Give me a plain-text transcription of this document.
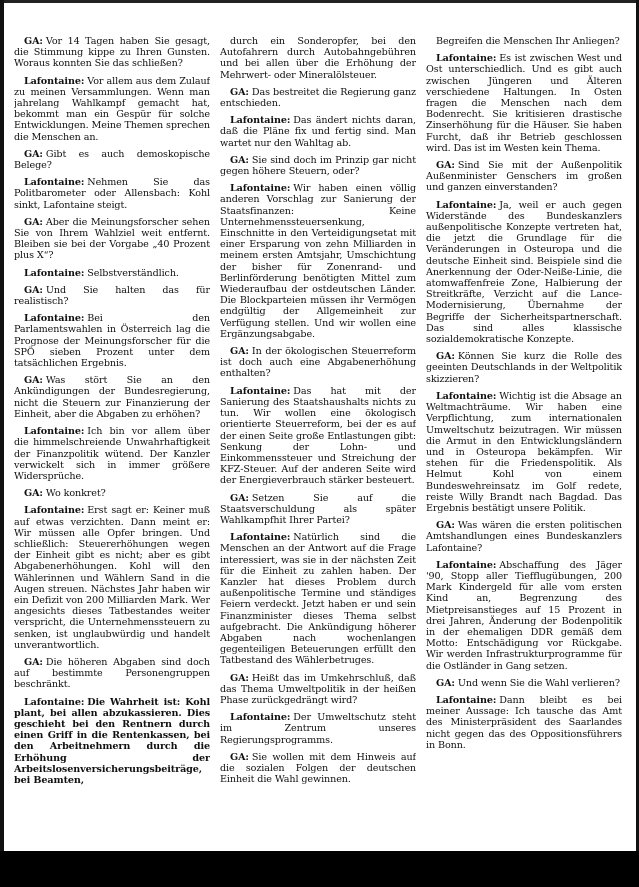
GA: Vor 14 Tagen haben Sie gesagt, die Stimmung kippe zu Ihren Gunsten. Woraus konnten Sie das schließen?

Lafontaine: Vor allem aus dem Zulauf zu meinen Versammlungen. Wenn man jahrelang Wahlkampf gemacht hat, bekommt man ein Gespür für solche Entwicklungen. Meine Themen sprechen die Menschen an.

GA: Gibt es auch demoskopische Belege?

Lafontaine: Nehmen Sie das Politbarometer oder Allensbach: Kohl sinkt, Lafontaine steigt.

GA: Aber die Meinungsforscher sehen Sie von Ihrem Wahlziel weit entfernt. Bleiben sie bei der Vorgabe „40 Prozent plus X“?

Lafontaine: Selbstverständlich.

GA: Und Sie halten das für realistisch?

Lafontaine: Bei den Parlamentswahlen in Österreich lag die Prognose der Meinungsforscher für die SPÖ sieben Prozent unter dem tatsächlichen Ergebnis.

GA: Was stört Sie an den Ankündigungen der Bundesregierung, nicht die Steuern zur Finanzierung der Einheit, aber die Abgaben zu erhöhen?

Lafontaine: Ich bin vor allem über die himmelschreiende Unwahrhaftigkeit der Finanzpolitik wütend. Der Kanzler verwickelt sich in immer größere Widersprüche.

GA: Wo konkret?

Lafontaine: Erst sagt er: Keiner muß auf etwas verzichten. Dann meint er: Wir müssen alle Opfer bringen. Und schließlich: Steuererhöhungen wegen der Einheit gibt es nicht; aber es gibt Abgabenerhöhungen. Kohl will den Wählerinnen und Wählern Sand in die Augen streuen. Nächstes Jahr haben wir ein Defizit von 200 Milliarden Mark. Wer angesichts dieses Tatbestandes weiter verspricht, die Unternehmenssteuern zu senken, ist unglaubwürdig und handelt unverantwortlich.

GA: Die höheren Abgaben sind doch auf bestimmte Personengruppen beschränkt.

Lafontaine: Die Wahrheit ist: Kohl plant, bei allen abzukassieren. Dies geschieht bei den Rentnern durch einen Griff in die Rentenkassen, bei den Arbeitnehmern durch die Erhöhung der Arbeitslosenversicherungsbeiträge, bei Beamten,

durch ein Sonderopfer, bei den Autofahrern durch Autobahngebühren und bei allen über die Erhöhung der Mehrwert- oder Mineralölsteuer.

GA: Das bestreitet die Regierung ganz entschieden.

Lafontaine: Das ändert nichts daran, daß die Pläne fix und fertig sind. Man wartet nur den Wahltag ab.

GA: Sie sind doch im Prinzip gar nicht gegen höhere Steuern, oder?

Lafontaine: Wir haben einen völlig anderen Vorschlag zur Sanierung der Staatsfinanzen: Keine Unternehmenssteuersenkung, Einschnitte in den Verteidigungsetat mit einer Ersparung von zehn Milliarden in meinem ersten Amtsjahr, Umschichtung der bisher für Zonenrand- und Berlinförderung benötigten Mittel zum Wiederaufbau der ostdeutschen Länder. Die Blockparteien müssen ihr Vermögen endgültig der Allgemeinheit zur Verfügung stellen. Und wir wollen eine Ergänzungsabgabe.

GA: In der ökologischen Steuerreform ist doch auch eine Abgabenerhöhung enthalten?

Lafontaine: Das hat mit der Sanierung des Staatshaushalts nichts zu tun. Wir wollen eine ökologisch orientierte Steuerreform, bei der es auf der einen Seite große Entlastungen gibt: Senkung der Lohn- und Einkommenssteuer und Streichung der KFZ-Steuer. Auf der anderen Seite wird der Energieverbrauch stärker besteuert.

GA: Setzen Sie auf die Staatsverschuldung als später Wahlkampfhit Ihrer Partei?

Lafontaine: Natürlich sind die Menschen an der Antwort auf die Frage interessiert, was sie in der nächsten Zeit für die Einheit zu zahlen haben. Der Kanzler hat dieses Problem durch außenpolitische Termine und ständiges Feiern verdeckt. Jetzt haben er und sein Finanzminister dieses Thema selbst aufgebracht. Die Ankündigung höherer Abgaben nach wochenlangen gegenteiligen Beteuerungen erfüllt den Tatbestand des Wählerbetruges.

GA: Heißt das im Umkehrschluß, daß das Thema Umweltpolitik in der heißen Phase zurückgedrängt wird?

Lafontaine: Der Umweltschutz steht im Zentrum unseres Regierungsprogramms.

GA: Sie wollen mit dem Hinweis auf die sozialen Folgen der deutschen Einheit die Wahl gewinnen.

Begreifen die Menschen Ihr Anliegen?

Lafontaine: Es ist zwischen West und Ost unterschiedlich. Und es gibt auch zwischen Jüngeren und Älteren verschiedene Haltungen. In Osten fragen die Menschen nach dem Bodenrecht. Sie kritisieren drastische Zinserhöhung für die Häuser. Sie haben Furcht, daß ihr Betrieb geschlossen wird. Das ist im Westen kein Thema.

GA: Sind Sie mit der Außenpolitik Außenminister Genschers im großen und ganzen einverstanden?

Lafontaine: Ja, weil er auch gegen Widerstände des Bundeskanzlers außenpolitische Konzepte vertreten hat, die jetzt die Grundlage für die Veränderungen in Osteuropa und die deutsche Einheit sind. Beispiele sind die Anerkennung der Oder-Neiße-Linie, die atomwaffenfreie Zone, Halbierung der Streitkräfte, Verzicht auf die Lance-Modernisierung, Übernahme der Begriffe der Sicherheitspartnerschaft. Das sind alles klassische sozialdemokratische Konzepte.

GA: Können Sie kurz die Rolle des geeinten Deutschlands in der Weltpolitik skizzieren?

Lafontaine: Wichtig ist die Absage an Weltmachträume. Wir haben eine Verpflichtung, zum internationalen Umweltschutz beizutragen. Wir müssen die Armut in den Entwicklungsländern und in Osteuropa bekämpfen. Wir stehen für die Friedenspolitik. Als Helmut Kohl von einem Bundeswehreinsatz im Golf redete, reiste Willy Brandt nach Bagdad. Das Ergebnis bestätigt unsere Politik.

GA: Was wären die ersten politischen Amtshandlungen eines Bundeskanzlers Lafontaine?

Lafontaine: Abschaffung des Jäger '90, Stopp aller Tiefflugübungen, 200 Mark Kindergeld für alle vom ersten Kind an, Begrenzung des Mietpreisanstieges auf 15 Prozent in drei Jahren, Änderung der Bodenpolitik in der ehemaligen DDR gemäß dem Motto: Entschädigung vor Rückgabe. Wir werden Infrastrukturprogramme für die Ostländer in Gang setzen.

GA: Und wenn Sie die Wahl verlieren?

Lafontaine: Dann bleibt es bei meiner Aussage: Ich tausche das Amt des Ministerpräsident des Saarlandes nicht gegen das des Oppositionsführers in Bonn.
